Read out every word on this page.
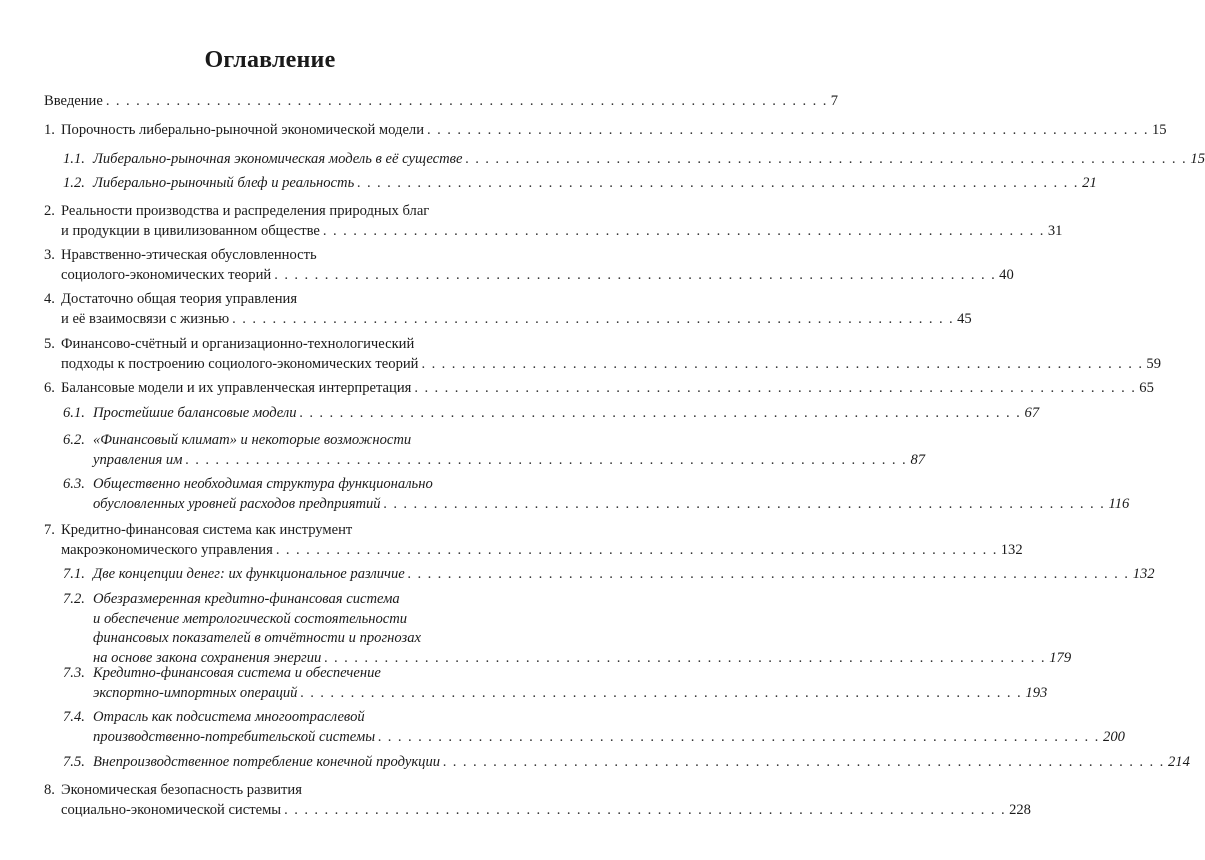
Оглавление
Введение . . . . . . . . . . . . . . . . . . . . . . . . . . . . . . . . . . . . . . . . . . . . . . . . . . . . . . . . . . . . . . . . . . . . . . . . 7
1. Порочность либерально-рыночной экономической модели . . . . . . . . . . . . . . . . . . . . . . . . . . . . . . . . . . . . . . . . . . . . . . . . . . . . . . . . . . . . . . . . . . . . . . . . 15
1.1. Либерально-рыночная экономическая модель в её существе . . . . . . . . . . . . . . . . . . . . . . . . . . . . . . . . . . . . . . . . . . . . . . . . . . . . . . . . . . . . . . . . . . . . . . . . 15
1.2. Либерально-рыночный блеф и реальность . . . . . . . . . . . . . . . . . . . . . . . . . . . . . . . . . . . . . . . . . . . . . . . . . . . . . . . . . . . . . . . . . . . . . . . . 21
2. Реальности производства и распределения природных благ
и продукции в цивилизованном обществе . . . . . . . . . . . . . . . . . . . . . . . . . . . . . . . . . . . . . . . . . . . . . . . . . . . . . . . . . . . . . . . . . . . . . . . . 31
3. Нравственно-этическая обусловленность
социолого-экономических теорий . . . . . . . . . . . . . . . . . . . . . . . . . . . . . . . . . . . . . . . . . . . . . . . . . . . . . . . . . . . . . . . . . . . . . . . . 40
4. Достаточно общая теория управления
и её взаимосвязи с жизнью . . . . . . . . . . . . . . . . . . . . . . . . . . . . . . . . . . . . . . . . . . . . . . . . . . . . . . . . . . . . . . . . . . . . . . . . 45
5. Финансово-счётный и организационно-технологический
подходы к построению социолого-экономических теорий . . . . . . . . . . . . . . . . . . . . . . . . . . . . . . . . . . . . . . . . . . . . . . . . . . . . . . . . . . . . . . . . . . . . . . . . 59
6. Балансовые модели и их управленческая интерпретация . . . . . . . . . . . . . . . . . . . . . . . . . . . . . . . . . . . . . . . . . . . . . . . . . . . . . . . . . . . . . . . . . . . . . . . . 65
6.1. Простейшие балансовые модели . . . . . . . . . . . . . . . . . . . . . . . . . . . . . . . . . . . . . . . . . . . . . . . . . . . . . . . . . . . . . . . . . . . . . . . . 67
6.2. «Финансовый климат» и некоторые возможности
управления им . . . . . . . . . . . . . . . . . . . . . . . . . . . . . . . . . . . . . . . . . . . . . . . . . . . . . . . . . . . . . . . . . . . . . . . . 87
6.3. Общественно необходимая структура функционально
обусловленных уровней расходов предприятий . . . . . . . . . . . . . . . . . . . . . . . . . . . . . . . . . . . . . . . . . . . . . . . . . . . . . . . . . . . . . . . . . . . . . . . . 116
7. Кредитно-финансовая система как инструмент
макроэкономического управления . . . . . . . . . . . . . . . . . . . . . . . . . . . . . . . . . . . . . . . . . . . . . . . . . . . . . . . . . . . . . . . . . . . . . . . . 132
7.1. Две концепции денег: их функциональное различие . . . . . . . . . . . . . . . . . . . . . . . . . . . . . . . . . . . . . . . . . . . . . . . . . . . . . . . . . . . . . . . . . . . . . . . . 132
7.2. Обезразмеренная кредитно-финансовая система
и обеспечение метрологической состоятельности
финансовых показателей в отчётности и прогнозах
на основе закона сохранения энергии . . . . . . . . . . . . . . . . . . . . . . . . . . . . . . . . . . . . . . . . . . . . . . . . . . . . . . . . . . . . . . . . . . . . . . . . 179
7.3. Кредитно-финансовая система и обеспечение
экспортно-импортных операций . . . . . . . . . . . . . . . . . . . . . . . . . . . . . . . . . . . . . . . . . . . . . . . . . . . . . . . . . . . . . . . . . . . . . . . . 193
7.4. Отрасль как подсистема многоотраслевой
производственно-потребительской системы . . . . . . . . . . . . . . . . . . . . . . . . . . . . . . . . . . . . . . . . . . . . . . . . . . . . . . . . . . . . . . . . . . . . . . . . 200
7.5. Внепроизводственное потребление конечной продукции . . . . . . . . . . . . . . . . . . . . . . . . . . . . . . . . . . . . . . . . . . . . . . . . . . . . . . . . . . . . . . . . . . . . . . . . 214
8. Экономическая безопасность развития
социально-экономической системы . . . . . . . . . . . . . . . . . . . . . . . . . . . . . . . . . . . . . . . . . . . . . . . . . . . . . . . . . . . . . . . . . . . . . . . . 228
